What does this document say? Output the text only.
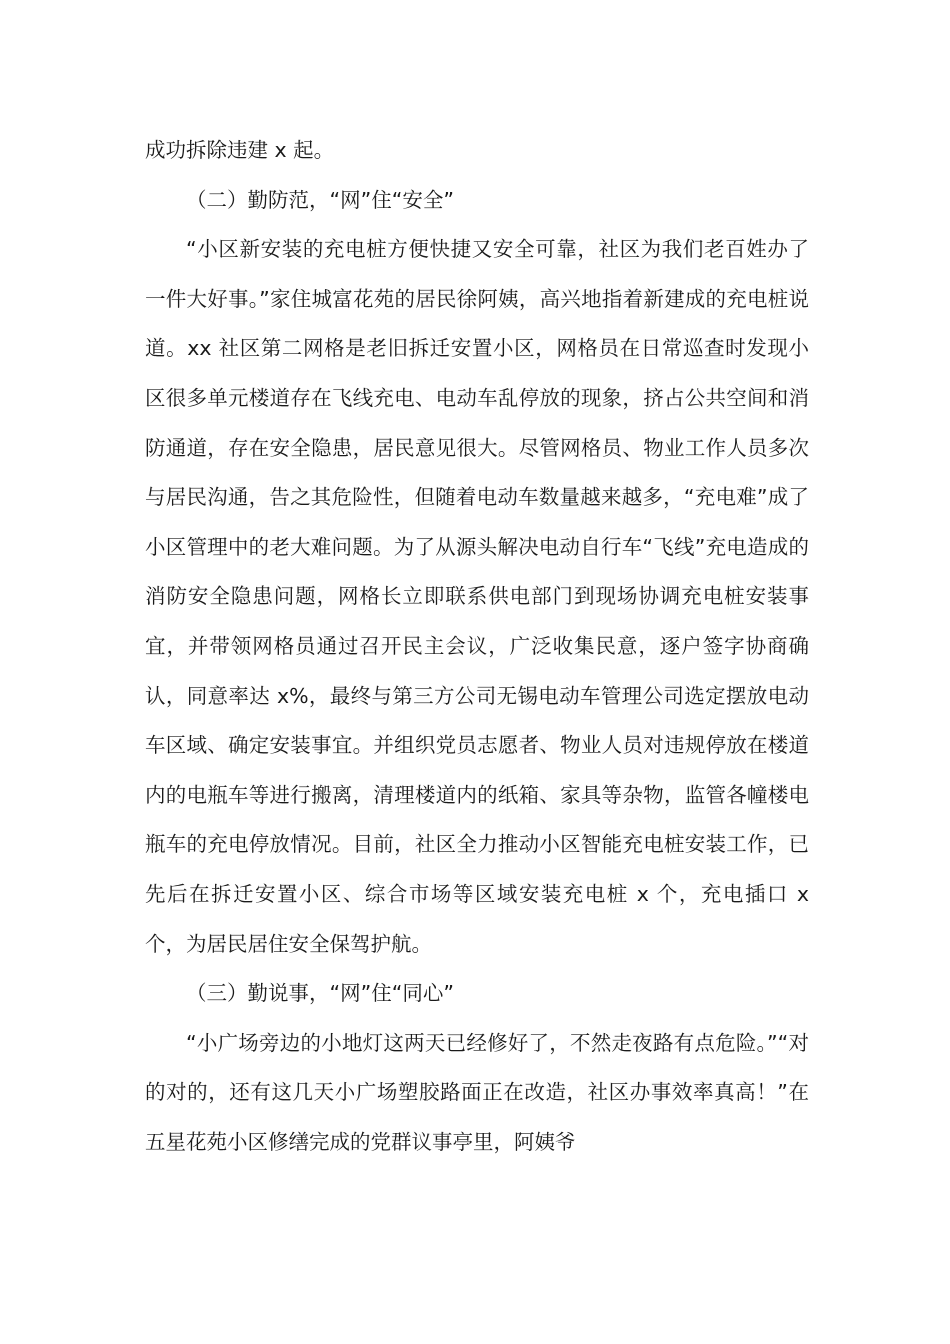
成功拆除违建 x 起。

（二）勤防范，“网”住“安全”

“小区新安装的充电桩方便快捷又安全可靠，社区为我们老百姓办了一件大好事。”家住城富花苑的居民徐阿姨，高兴地指着新建成的充电桩说道。xx 社区第二网格是老旧拆迁安置小区，网格员在日常巡查时发现小区很多单元楼道存在飞线充电、电动车乱停放的现象，挤占公共空间和消防通道，存在安全隐患，居民意见很大。尽管网格员、物业工作人员多次与居民沟通，告之其危险性，但随着电动车数量越来越多，“充电难”成了小区管理中的老大难问题。为了从源头解决电动自行车“飞线”充电造成的消防安全隐患问题，网格长立即联系供电部门到现场协调充电桩安装事宜，并带领网格员通过召开民主会议，广泛收集民意，逐户签字协商确认，同意率达 x%，最终与第三方公司无锡电动车管理公司选定摆放电动车区域、确定安装事宜。并组织党员志愿者、物业人员对违规停放在楼道内的电瓶车等进行搬离，清理楼道内的纸箱、家具等杂物，监管各幢楼电瓶车的充电停放情况。目前，社区全力推动小区智能充电桩安装工作，已先后在拆迁安置小区、综合市场等区域安装充电桩 x 个，充电插口 x 个，为居民居住安全保驾护航。

（三）勤说事，“网”住“同心”

“小广场旁边的小地灯这两天已经修好了，不然走夜路有点危险。”“对的对的，还有这几天小广场塑胶路面正在改造，社区办事效率真高！”在五星花苑小区修缮完成的党群议事亭里，阿姨爷
